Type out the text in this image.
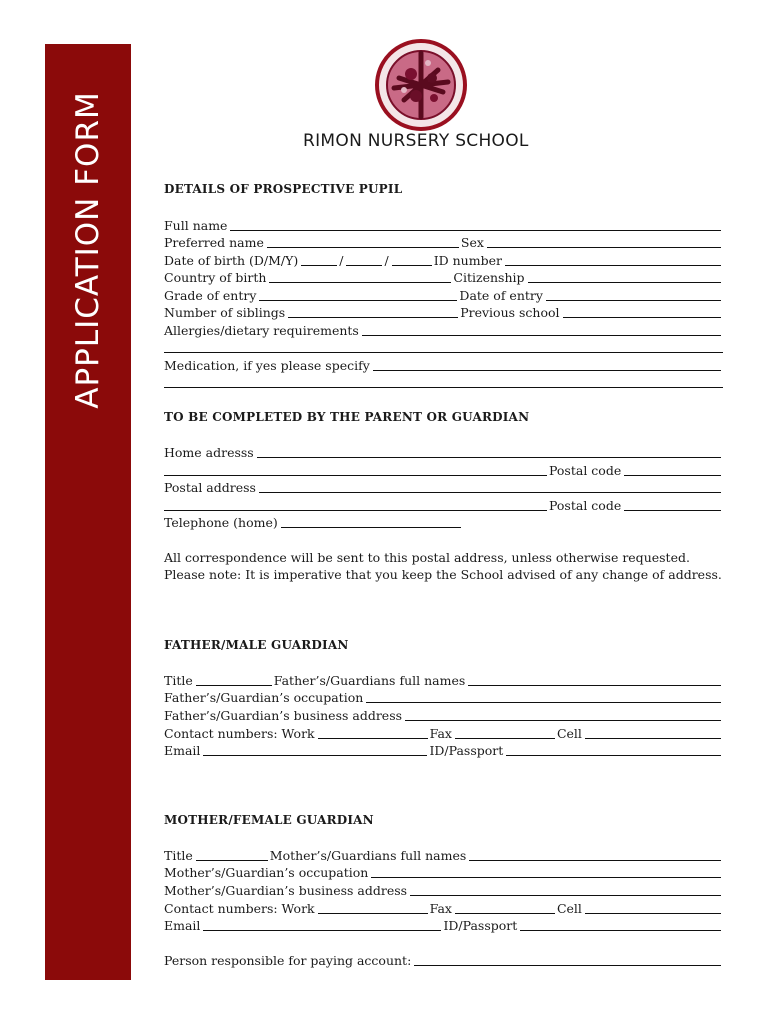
APPLICATION FORM	RIMON NURSERY SCHOOL
DETAILS OF PROSPECTIVE PUPIL
Full name
Preferred name	Sex
Date of birth (D/M/Y)	/	/	ID number
Country of birth	Citizenship
Grade of entry	Date of entry
Number of siblings	Previous school
Allergies/dietary requirements
Medication, if yes please specify
TO BE COMPLETED BY THE PARENT OR GUARDIAN
Home adresss
Postal code
Postal address
Postal code
Telephone (home)
All correspondence will be sent to this postal address, unless otherwise requested.
Please note: It is imperative that you keep the School advised of any change of address.
FATHER/MALE GUARDIAN
Title	Father’s/Guardians full names
Father’s/Guardian’s occupation
Father’s/Guardian’s business address
Contact numbers: Work	Fax	Cell
Email	ID/Passport
MOTHER/FEMALE GUARDIAN
Title	Mother’s/Guardians full names
Mother’s/Guardian’s occupation
Mother’s/Guardian’s business address
Contact numbers: Work	Fax	Cell
Email	ID/Passport
Person responsible for paying account:
